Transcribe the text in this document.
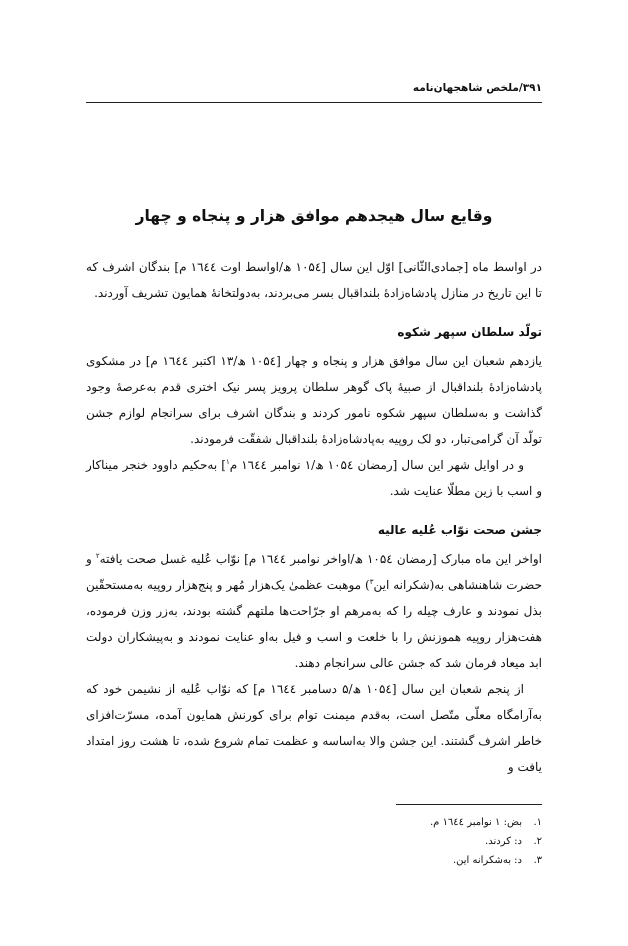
۳۹۱/ملخص شاهجهان‌نامه
وقایع سال هیجدهم موافق هزار و پنجاه و چهار

در اواسط ماه [جمادی‌الثّانی] اوّل این سال [۱۰۵٤ ھ/اواسط اوت ۱٦٤٤ م] بندگان اشرف که تا این تاریخ در منازل پادشاه‌زادهٔ بلنداقبال بسر می‌بردند، به‌دولتخانهٔ همایون تشریف آوردند.

تولّد سلطان سپهر شکوه

یازدهم شعبان این سال موافق هزار و پنجاه و چهار [۱۰۵٤ ھ/۱۳ اکتبر ۱٦٤٤ م] در مشکوی پادشاه‌زادهٔ بلنداقبال از صبیهٔ پاک گوهر سلطان پرویز پسر نیک اختری قدم به‌عرصهٔ وجود گذاشت و به‌سلطان سپهر شکوه نامور کردند و بندگان اشرف برای سرانجام لوازم جشن تولّد آن گرامی‌تبار، دو لک روپیه به‌پادشاه‌زادهٔ بلنداقبال شفقّت فرمودند.

و در اوایل شهر این سال [رمضان ۱۰۵٤ ھ/۱ نوامبر ۱٦٤٤ م$^۱$] به‌حکیم داوود خنجر میناکار و اسب با زین مطلّا عنایت شد.

جشن صحت نوّاب عُلیه عالیه

اواخر این ماه مبارک [رمضان ۱۰۵٤ ھ/اواخر نوامبر ۱٦٤٤ م] نوّاب عُلیه غسل صحت یافته$^۲$ و حضرت شاهنشاهی به(شکرانه این$^۳$) موهبت عظمیٰ یک‌هزار مُهر و پنج‌هزار روپیه به‌مستحقّین بذل نمودند و عارف چیله را که به‌مرهم او جرّاحت‌ها ملتهم گشته بودند، به‌زر وزن فرموده، هفت‌هزار روپیه هموزنش را با خلعت و اسب و فیل به‌او عنایت نمودند و به‌پیشکاران دولت ابد میعاد فرمان شد که جشن عالی سرانجام دهند.

از پنجم شعبان این سال [۱۰۵٤ ھ/۵ دسامبر ۱٦٤٤ م] که نوّاب عُلیه از نشیمن خود که به‌آرامگاه معلّی متّصل است، به‌قدم میمنت توام برای کورنش همایون آمده، مسرّت‌افزای خاطر اشرف گشتند. این جشن والا به‌اساسه و عظمت تمام شروع شده، تا هشت روز امتداد یافت و

۱.بض: ۱ نوامبر ۱٦٤٤ م.
۲.د: کردند.
۳.د: به‌شکرانه این.
